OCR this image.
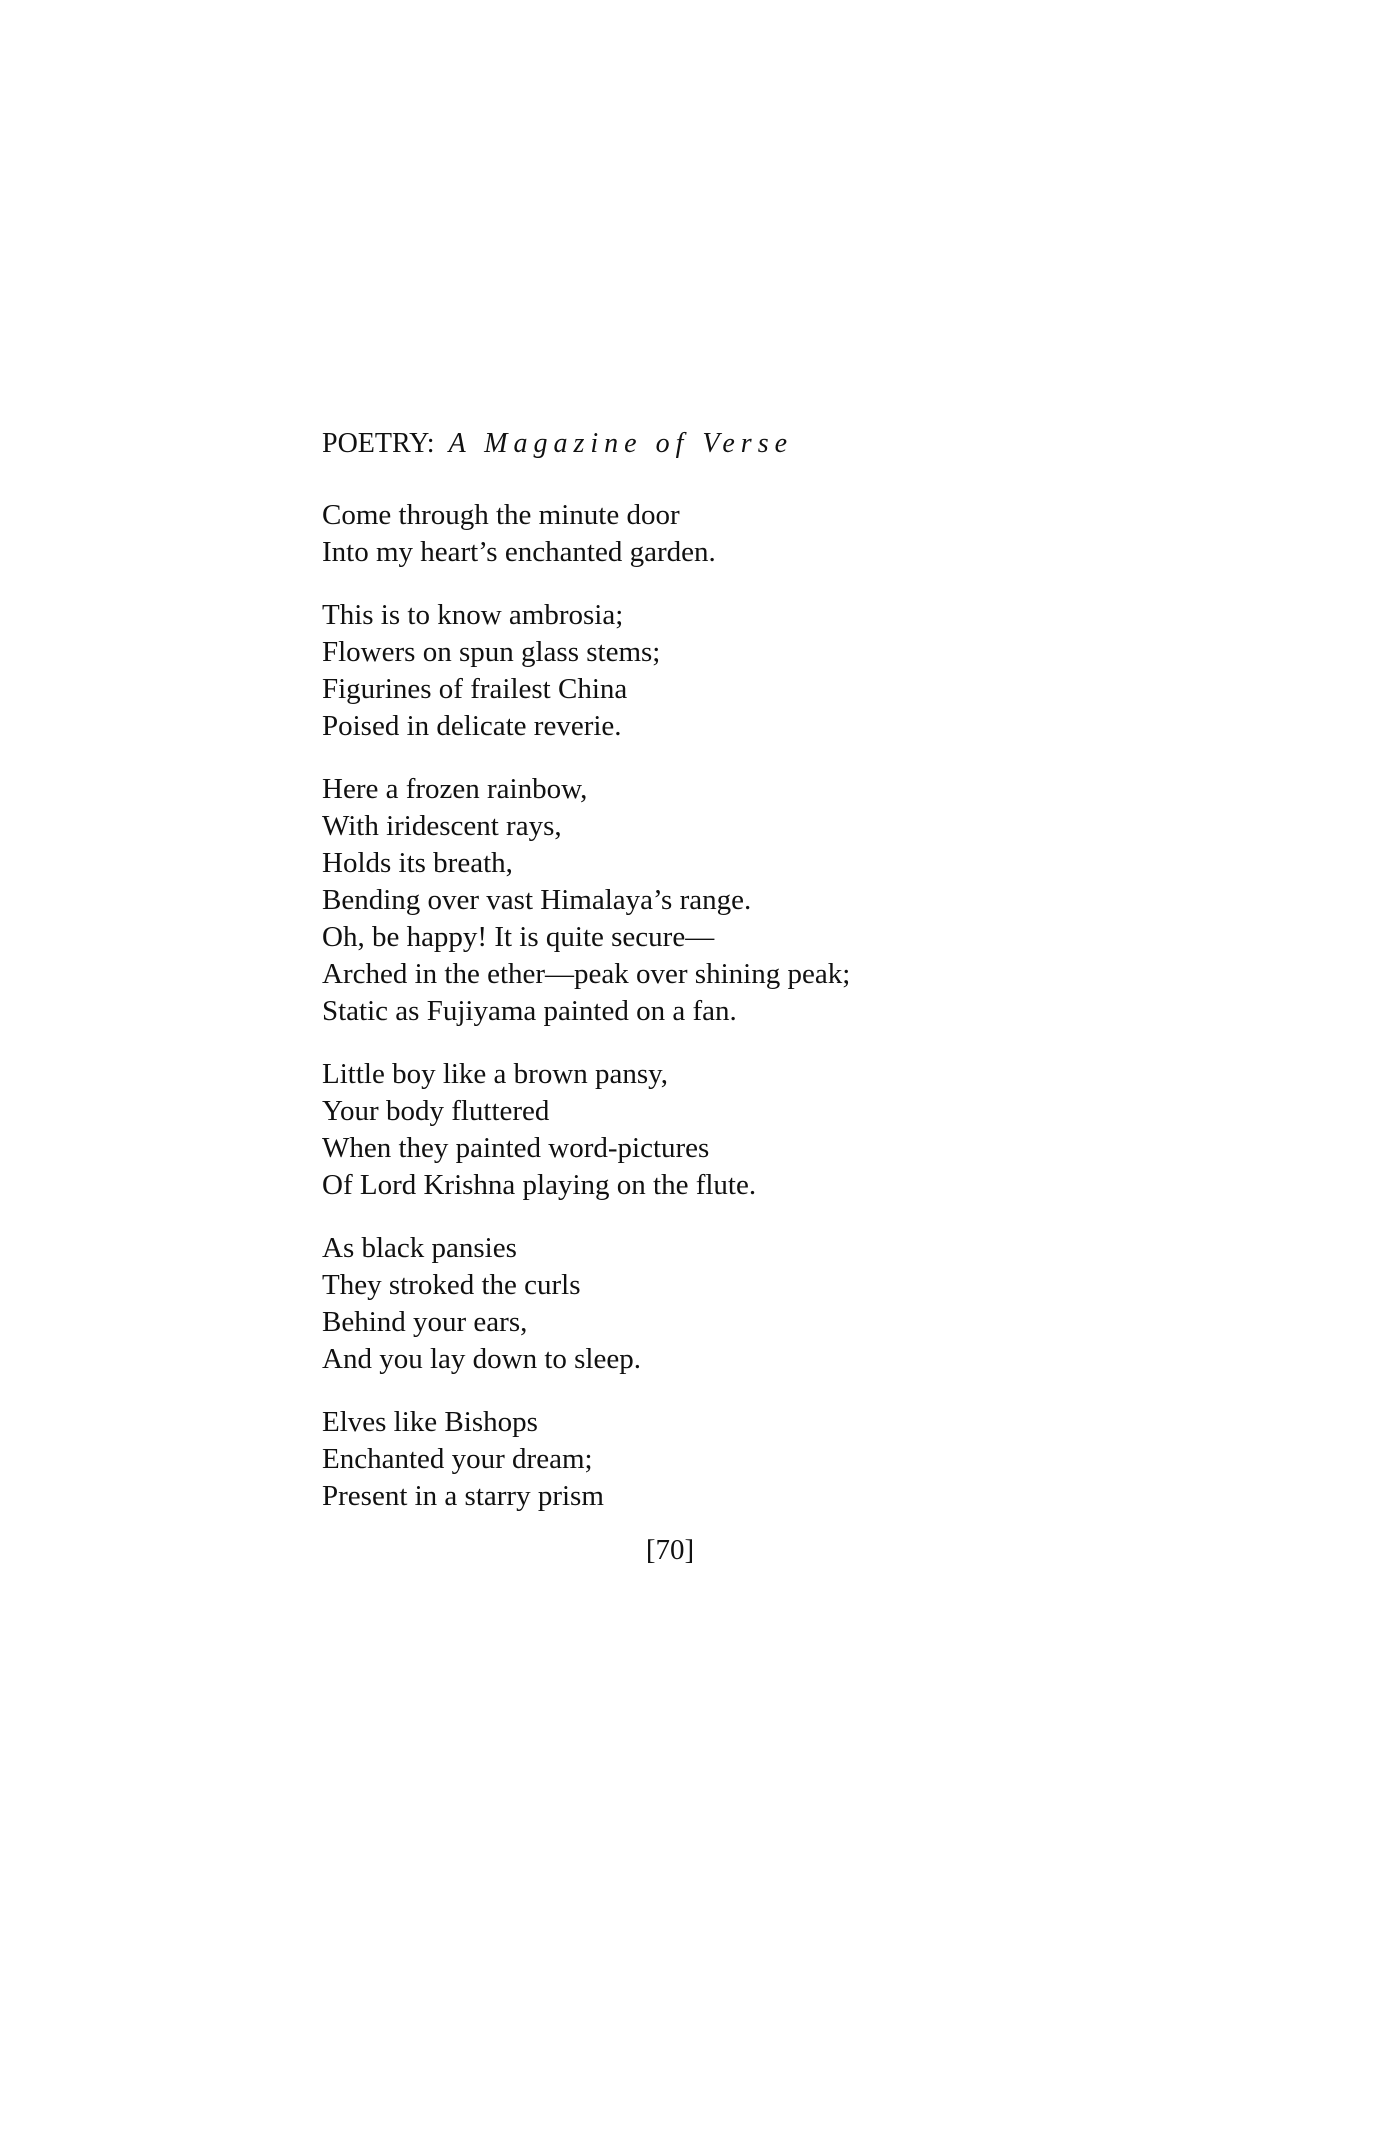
POETRY: A Magazine of Verse
Come through the minute door
Into my heart’s enchanted garden.
This is to know ambrosia;
Flowers on spun glass stems;
Figurines of frailest China
Poised in delicate reverie.
Here a frozen rainbow,
With iridescent rays,
Holds its breath,
Bending over vast Himalaya’s range.
Oh, be happy! It is quite secure—
Arched in the ether—peak over shining peak;
Static as Fujiyama painted on a fan.
Little boy like a brown pansy,
Your body fluttered
When they painted word-pictures
Of Lord Krishna playing on the flute.
As black pansies
They stroked the curls
Behind your ears,
And you lay down to sleep.
Elves like Bishops
Enchanted your dream;
Present in a starry prism
[70]
